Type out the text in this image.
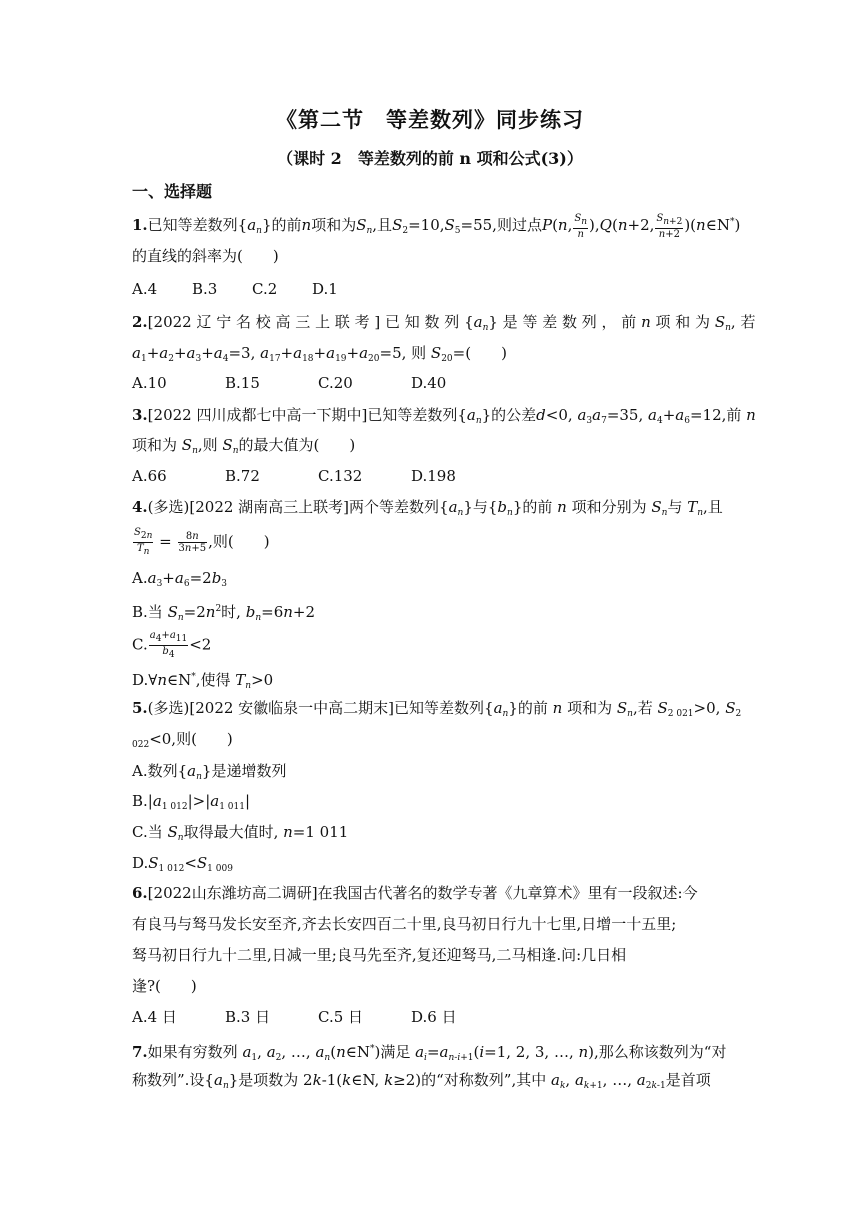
《第二节　等差数列》同步练习
（课时 2　等差数列的前 n 项和公式(3)）
一、选择题
1.已知等差数列$\{a_n\}$的前n项和为$S_n$,且$S_2=10,S_5=55$,则过点P(n, $\frac{S_n}{n} ),Q(n+2$, $\frac{S_{n+2}}{n+2}$ )(n∈N*)
的直线的斜率为(　　)
A.4 B.3 C.2 D.1
2.[2022 辽 宁 名 校 高 三 上 联 考 ] 已 知 数 列 $\{a_n\}$ 是 等 差 数 列 ， 前 n 项 和 为 $S_n$, 若
$a_1+a_2+a_3+a_4=3$, $a_{17}+a_{18}+a_{19}+a_{20}=5$, 则 $S_{20}=$(　　)
A.10	B.15	C.20	D.40
3.[2022 四川成都七中高一下期中]已知等差数列$\{a_n\}$的公差d<0, $a_3a_7=35$, $a_4+a_6=12$,前 n
项和为 $S_n$,则 $S_n$的最大值为(　　)
A.66	B.72	C.132	D.198
4.(多选)[2022 湖南高三上联考]两个等差数列$\{a_n\}$与$\{b_n\}$的前 n 项和分别为 $S_n$与 $T_n$,且
$\frac{S_{2n}}{T_n} = \frac{8n}{3n+5}$ ,则(　　)
$A.a_3+a_6=2b_3$
B.当 $S_n=2n^2$时, $b_n=6n+2$
C. $\frac{a_4+a_{11}}{b_4} <2$
D.∀n∈N*,使得 $T_n>0$
5.(多选)[2022 安徽临泉一中高二期末]已知等差数列$\{a_n\}$的前 n 项和为 $S_n$,若 $S_{2 021}>0$, $S_2$
$_{022}$<0,则(　　)
A.数列$\{a_n\}$是递增数列
$B.|a_{1 012}|>|a_{1 011}|$
C.当 $S_n$取得最大值时, n=1 011
$D.S_{1 012}<S_{1 009}$
6.[2022山东潍坊高二调研]在我国古代著名的数学专著《九章算术》里有一段叙述:今
有良马与驽马发长安至齐,齐去长安四百二十里,良马初日行九十七里,日增一十五里;
驽马初日行九十二里,日减一里;良马先至齐,复还迎驽马,二马相逢.问:几日相
逢?(　　)
A.4 日	B.3 日	C.5 日	D.6 日
7.如果有穷数列 $a_1$, $a_2$, …, $a_n(n\in N^*)$满足 $a_i=a_{n-i+1}(i=1$, 2, 3, …, n),那么称该数列为“对
称数列”.设$\{a_n\}$是项数为 2k-1(k∈N, k≥2)的“对称数列”,其中 $a_k$, $a_{k+1}$, …, $a_{2k-1}$是首项
